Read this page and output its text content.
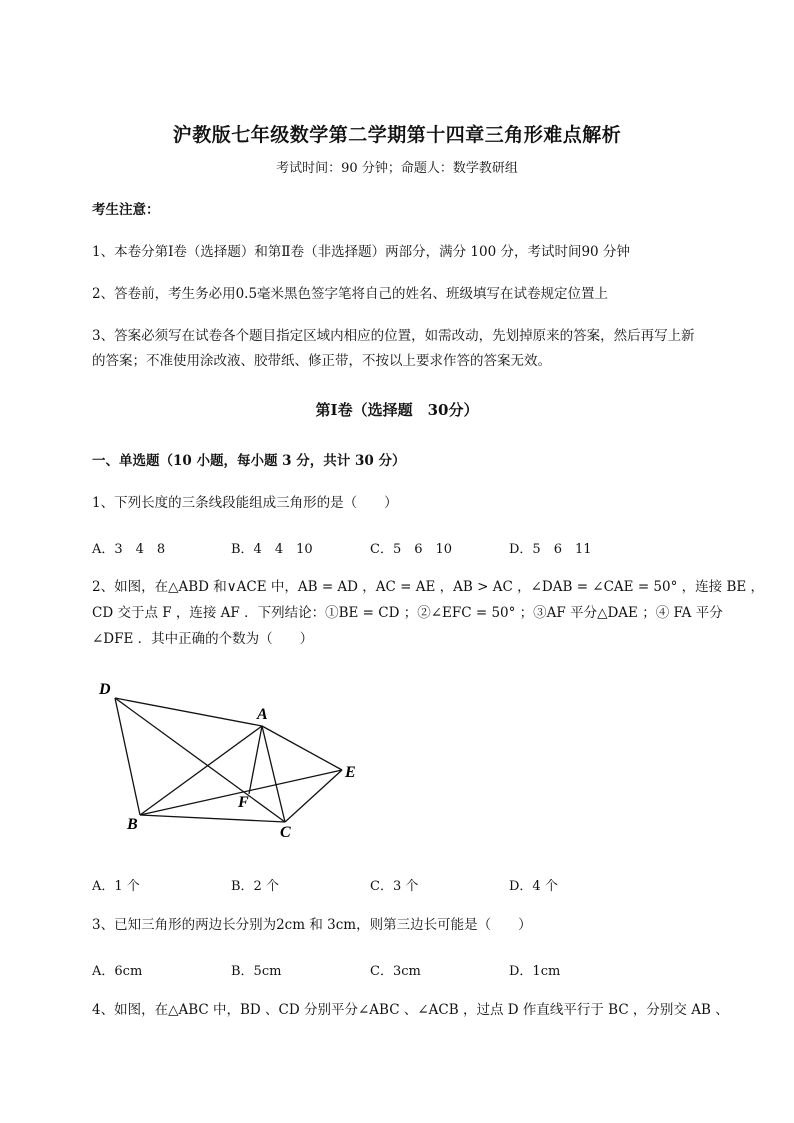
沪教版七年级数学第二学期第十四章三角形难点解析
考试时间：90 分钟；命题人：数学教研组
考生注意：
1、本卷分第Ⅰ卷（选择题）和第Ⅱ卷（非选择题）两部分，满分 100 分，考试时间90 分钟
2、答卷前，考生务必用0.5毫米黑色签字笔将自己的姓名、班级填写在试卷规定位置上
3、答案必须写在试卷各个题目指定区域内相应的位置，如需改动，先划掉原来的答案，然后再写上新
的答案；不准使用涂改液、胶带纸、修正带，不按以上要求作答的答案无效。
第Ⅰ卷（选择题　30分）
一、单选题（10 小题，每小题 3 分，共计 30 分）
1、下列长度的三条线段能组成三角形的是（　　）
A．3　4　8	B．4　4　10	C．5　6　10	D．5　6　11
2、如图，在△ABD 和∨ACE 中，AB = AD ，AC = AE ，AB > AC ，∠DAB = ∠CAE = 50° ，连接 BE ，
CD 交于点 F ，连接 AF ．下列结论：①BE = CD ；②∠EFC = 50° ；③AF 平分△DAE ；④ FA 平分
∠DFE ．其中正确的个数为（　　）
D
A
E
F
B	C
A．1 个	B．2 个	C．3 个	D．4 个
3、已知三角形的两边长分别为2cm 和 3cm，则第三边长可能是（　　）
A．6cm	B．5cm	C．3cm	D．1cm
4、如图，在△ABC 中，BD 、CD 分别平分∠ABC 、∠ACB ，过点 D 作直线平行于 BC ，分别交 AB 、
